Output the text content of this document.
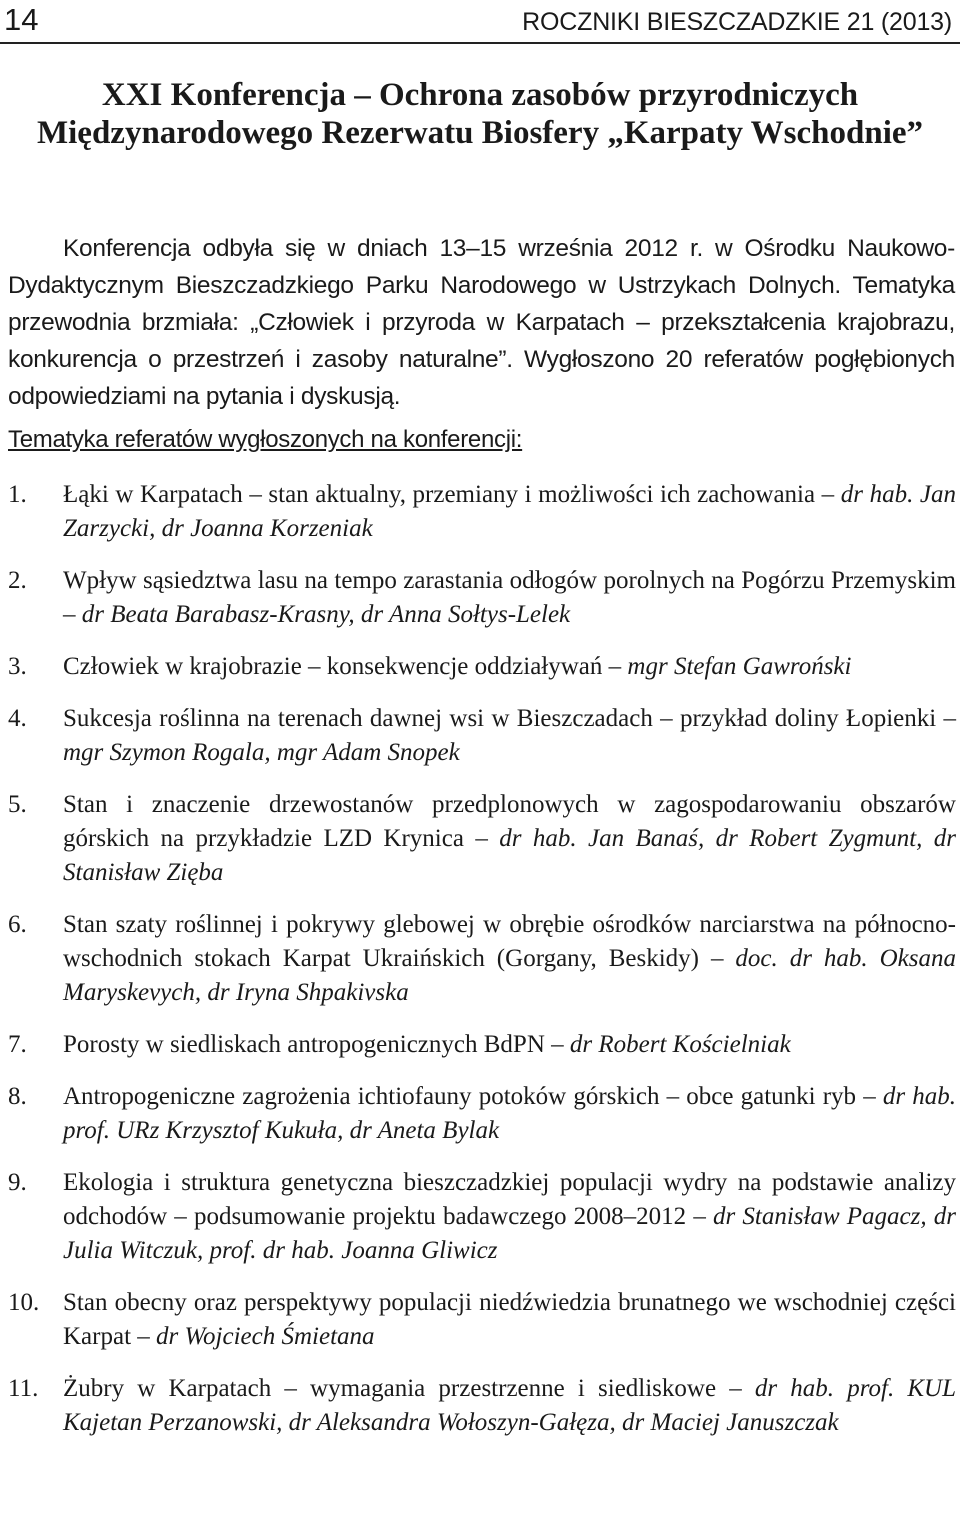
14	ROCZNIKI BIESZCZADZKIE 21 (2013)
XXI Konferencja – Ochrona zasobów przyrodniczych
Międzynarodowego Rezerwatu Biosfery „Karpaty Wschodnie”

Konferencja odbyła się w dniach 13–15 września 2012 r. w Ośrodku Naukowo-Dydaktycznym Bieszczadzkiego Parku Narodowego w Ustrzykach Dolnych. Tematyka przewodnia brzmiała: „Człowiek i przyroda w Karpatach – przekształcenia krajobrazu, konkurencja o przestrzeń i zasoby naturalne”. Wygłoszono 20 referatów pogłębionych odpowiedziami na pytania i dyskusją.

Tematyka referatów wygłoszonych na konferencji:

1. Łąki w Karpatach – stan aktualny, przemiany i możliwości ich zachowania – dr hab. Jan Zarzycki, dr Joanna Korzeniak
2. Wpływ sąsiedztwa lasu na tempo zarastania odłogów porolnych na Pogórzu Przemyskim – dr Beata Barabasz-Krasny, dr Anna Sołtys-Lelek
3. Człowiek w krajobrazie – konsekwencje oddziaływań – mgr Stefan Gawroński
4. Sukcesja roślinna na terenach dawnej wsi w Bieszczadach – przykład doliny Łopienki – mgr Szymon Rogala, mgr Adam Snopek
5. Stan i znaczenie drzewostanów przedplonowych w zagospodarowaniu obszarów górskich na przykładzie LZD Krynica – dr hab. Jan Banaś, dr Robert Zygmunt, dr Stanisław Zięba
6. Stan szaty roślinnej i pokrywy glebowej w obrębie ośrodków narciarstwa na północno-wschodnich stokach Karpat Ukraińskich (Gorgany, Beskidy) – doc. dr hab. Oksana Maryskevych, dr Iryna Shpakivska
7. Porosty w siedliskach antropogenicznych BdPN – dr Robert Kościelniak
8. Antropogeniczne zagrożenia ichtiofauny potoków górskich – obce gatunki ryb – dr hab. prof. URz Krzysztof Kukuła, dr Aneta Bylak
9. Ekologia i struktura genetyczna bieszczadzkiej populacji wydry na podstawie analizy odchodów – podsumowanie projektu badawczego 2008–2012 – dr Stanisław Pagacz, dr Julia Witczuk, prof. dr hab. Joanna Gliwicz
10. Stan obecny oraz perspektywy populacji niedźwiedzia brunatnego we wschodniej części Karpat – dr Wojciech Śmietana
11. Żubry w Karpatach – wymagania przestrzenne i siedliskowe – dr hab. prof. KUL Kajetan Perzanowski, dr Aleksandra Wołoszyn-Gałęza, dr Maciej Januszczak
